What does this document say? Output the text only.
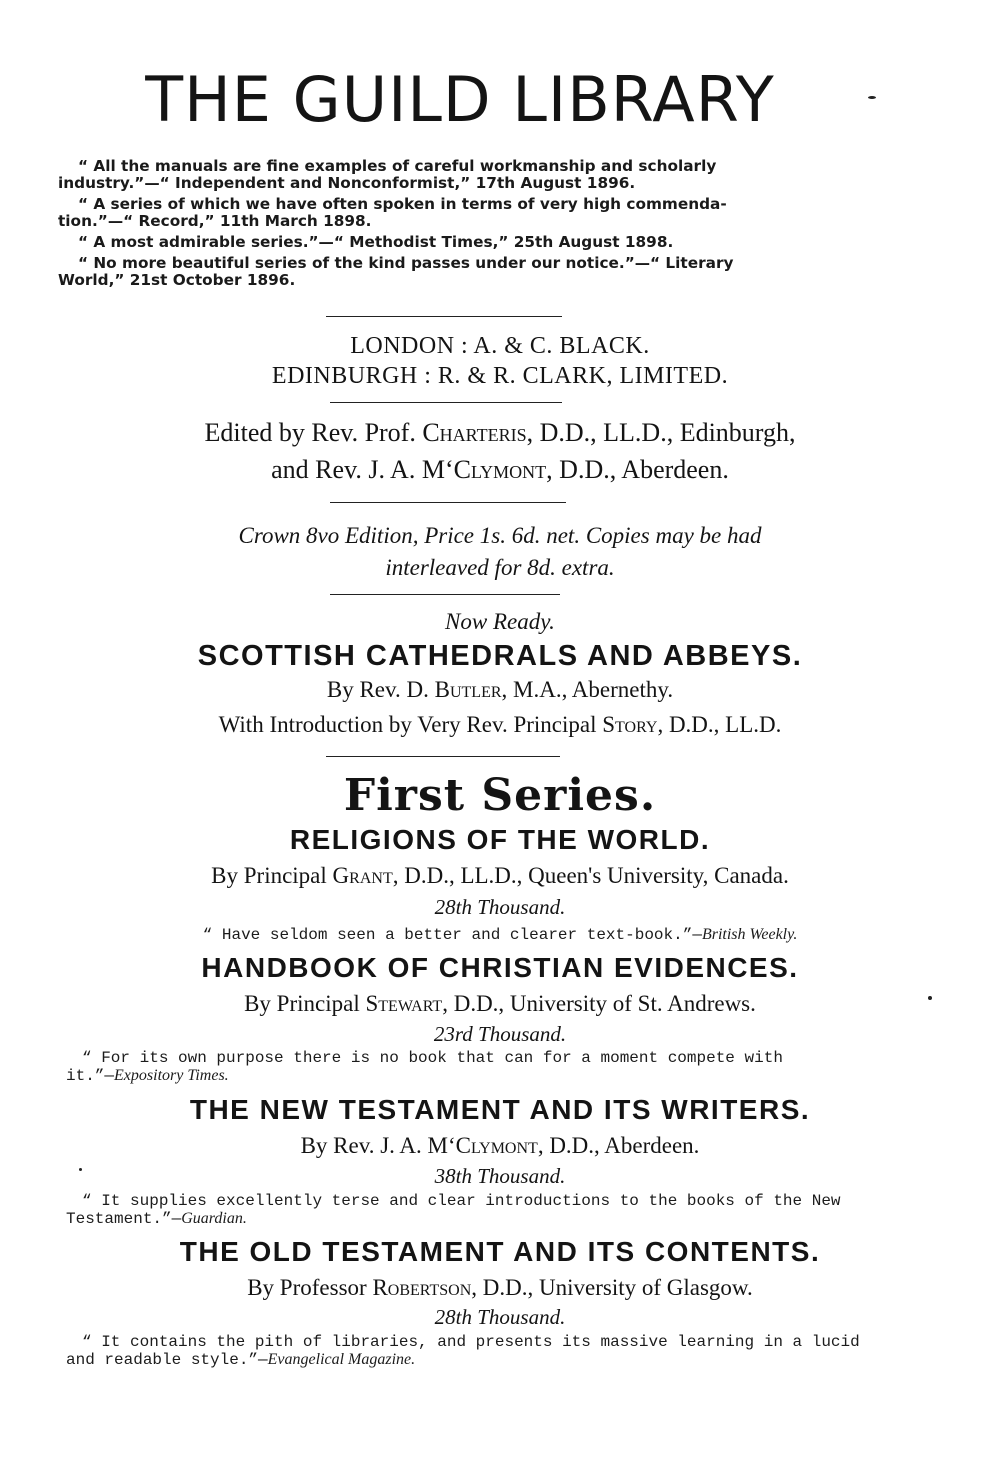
THE GUILD LIBRARY
“ All the manuals are fine examples of careful workmanship and scholarly
industry.”—“ Independent and Nonconformist,” 17th August 1896.
“ A series of which we have often spoken in terms of very high commenda-
tion.”—“ Record,” 11th March 1898.
“ A most admirable series.”—“ Methodist Times,” 25th August 1898.
“ No more beautiful series of the kind passes under our notice.”—“ Literary
World,” 21st October 1896.
LONDON : A. & C. BLACK.
EDINBURGH : R. & R. CLARK, LIMITED.
Edited by Rev. Prof. Charteris, D.D., LL.D., Edinburgh,
and Rev. J. A. M‘Clymont, D.D., Aberdeen.
Crown 8vo Edition, Price 1s. 6d. net. Copies may be had
interleaved for 8d. extra.
Now Ready.
SCOTTISH CATHEDRALS AND ABBEYS.
By Rev. D. Butler, M.A., Abernethy.
With Introduction by Very Rev. Principal Story, D.D., LL.D.
First Series.
RELIGIONS OF THE WORLD.
By Principal Grant, D.D., LL.D., Queen's University, Canada.
28th Thousand.
“ Have seldom seen a better and clearer text-book.”—British Weekly.
HANDBOOK OF CHRISTIAN EVIDENCES.
By Principal Stewart, D.D., University of St. Andrews.
23rd Thousand.
“ For its own purpose there is no book that can for a moment compete with
it.”—Expository Times.
THE NEW TESTAMENT AND ITS WRITERS.
By Rev. J. A. M‘Clymont, D.D., Aberdeen.
38th Thousand.
“ It supplies excellently terse and clear introductions to the books of the New
Testament.”—Guardian.
THE OLD TESTAMENT AND ITS CONTENTS.
By Professor Robertson, D.D., University of Glasgow.
28th Thousand.
“ It contains the pith of libraries, and presents its massive learning in a lucid
and readable style.”—Evangelical Magazine.
